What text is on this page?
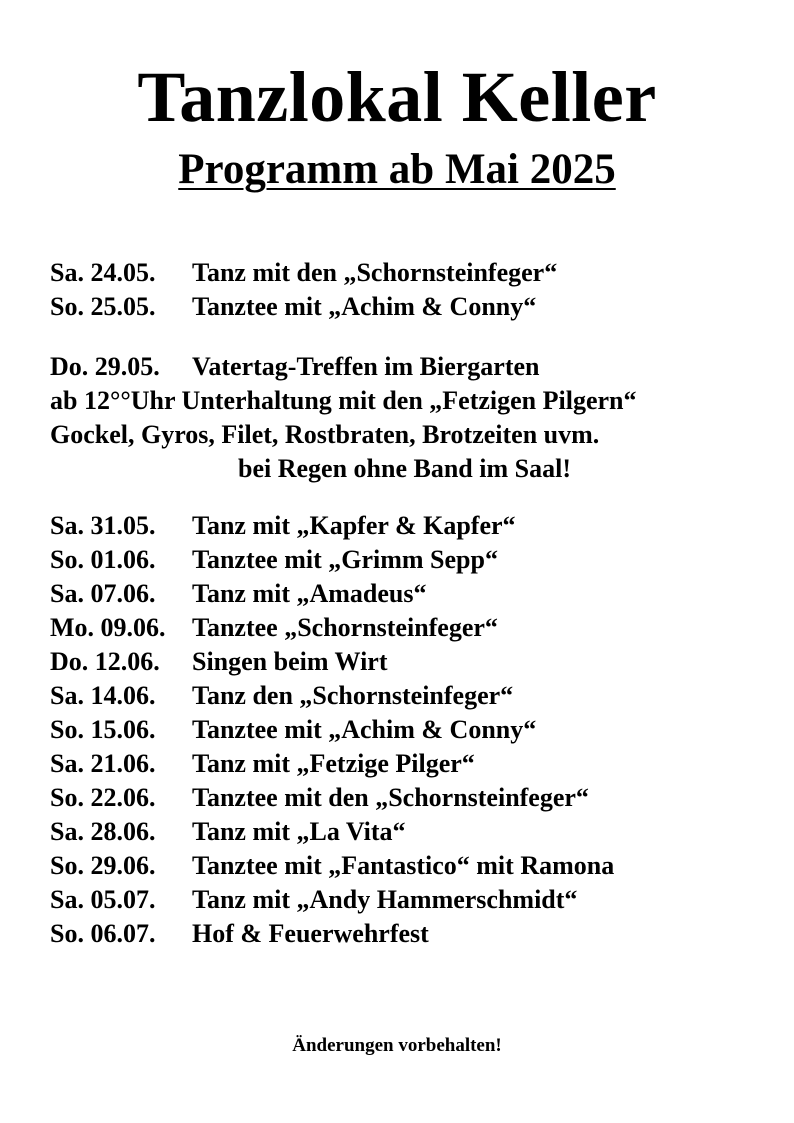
Tanzlokal Keller
Programm ab Mai 2025
Sa. 24.05. Tanz mit den „Schornsteinfeger“
So. 25.05. Tanztee mit „Achim & Conny“
Do. 29.05. Vatertag-Treffen im Biergarten
ab 12°°Uhr Unterhaltung mit den „Fetzigen Pilgern“
Gockel, Gyros, Filet, Rostbraten, Brotzeiten uvm.
bei Regen ohne Band im Saal!
Sa. 31.05. Tanz mit „Kapfer & Kapfer“
So. 01.06. Tanztee mit „Grimm Sepp“
Sa. 07.06. Tanz mit „Amadeus“
Mo. 09.06. Tanztee „Schornsteinfeger“
Do. 12.06. Singen beim Wirt
Sa. 14.06. Tanz den „Schornsteinfeger“
So. 15.06. Tanztee mit „Achim & Conny“
Sa. 21.06. Tanz mit „Fetzige Pilger“
So. 22.06. Tanztee mit den „Schornsteinfeger“
Sa. 28.06. Tanz mit „La Vita“
So. 29.06. Tanztee mit „Fantastico“ mit Ramona
Sa. 05.07. Tanz mit „Andy Hammerschmidt“
So. 06.07. Hof & Feuerwehrfest
Änderungen vorbehalten!
